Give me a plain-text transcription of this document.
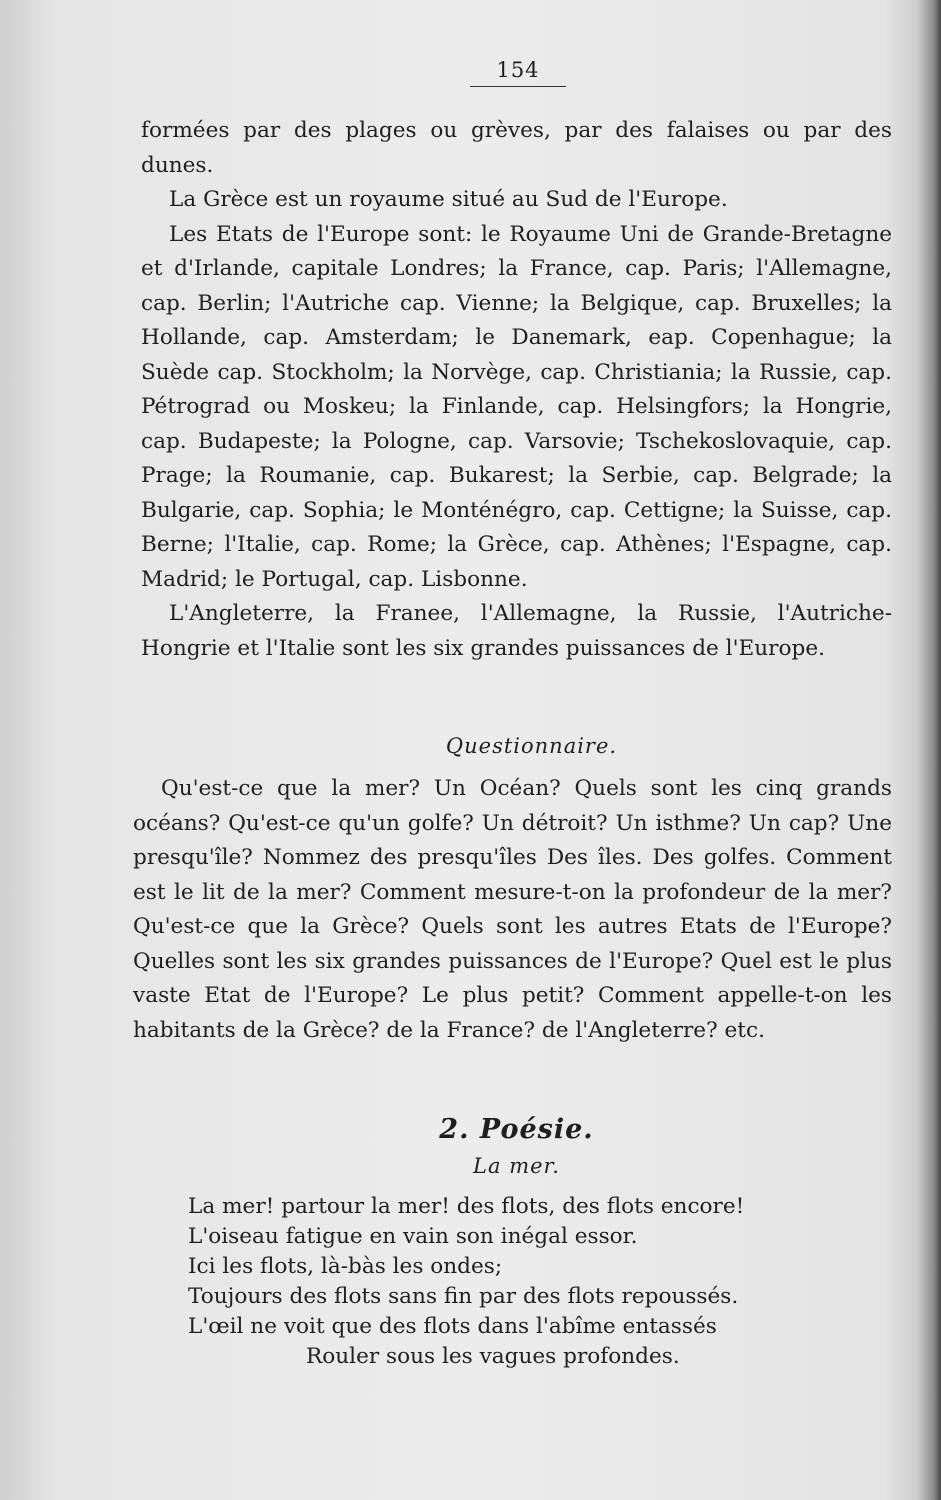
154

formées par des plages ou grèves, par des falaises ou par des dunes.

La Grèce est un royaume situé au Sud de l'Europe.

Les Etats de l'Europe sont: le Royaume Uni de Grande-Bretagne et d'Irlande, capitale Londres; la France, cap. Paris; l'Allemagne, cap. Berlin; l'Autriche cap. Vienne; la Belgique, cap. Bruxelles; la Hollande, cap. Amsterdam; le Danemark, eap. Copenhague; la Suède cap. Stockholm; la Norvège, cap. Christiania; la Russie, cap. Pétrograd ou Moskeu; la Finlande, cap. Helsingfors; la Hongrie, cap. Budapeste; la Pologne, cap. Varsovie; Tschekoslovaquie, cap. Prage; la Roumanie, cap. Bukarest; la Serbie, cap. Belgrade; la Bulgarie, cap. Sophia; le Monténégro, cap. Cettigne; la Suisse, cap. Berne; l'Italie, cap. Rome; la Grèce, cap. Athènes; l'Espagne, cap. Madrid; le Portugal, cap. Lisbonne.

L'Angleterre, la Franee, l'Allemagne, la Russie, l'Autriche-Hongrie et l'Italie sont les six grandes puissances de l'Europe.

Questionnaire.

Qu'est-ce que la mer? Un Océan? Quels sont les cinq grands océans? Qu'est-ce qu'un golfe? Un détroit? Un isthme? Un cap? Une presqu'île? Nommez des presqu'îles Des îles. Des golfes. Comment est le lit de la mer? Comment mesure-t-on la profondeur de la mer? Qu'est-ce que la Grèce? Quels sont les autres Etats de l'Europe? Quelles sont les six grandes puissances de l'Europe? Quel est le plus vaste Etat de l'Europe? Le plus petit? Comment appelle-t-on les habitants de la Grèce? de la France? de l'Angleterre? etc.

2. Poésie.
La mer.
La mer! partour la mer! des flots, des flots encore!
L'oiseau fatigue en vain son inégal essor.
Ici les flots, là-bàs les ondes;
Toujours des flots sans fin par des flots repoussés.
L'œil ne voit que des flots dans l'abîme entassés
Rouler sous les vagues profondes.
